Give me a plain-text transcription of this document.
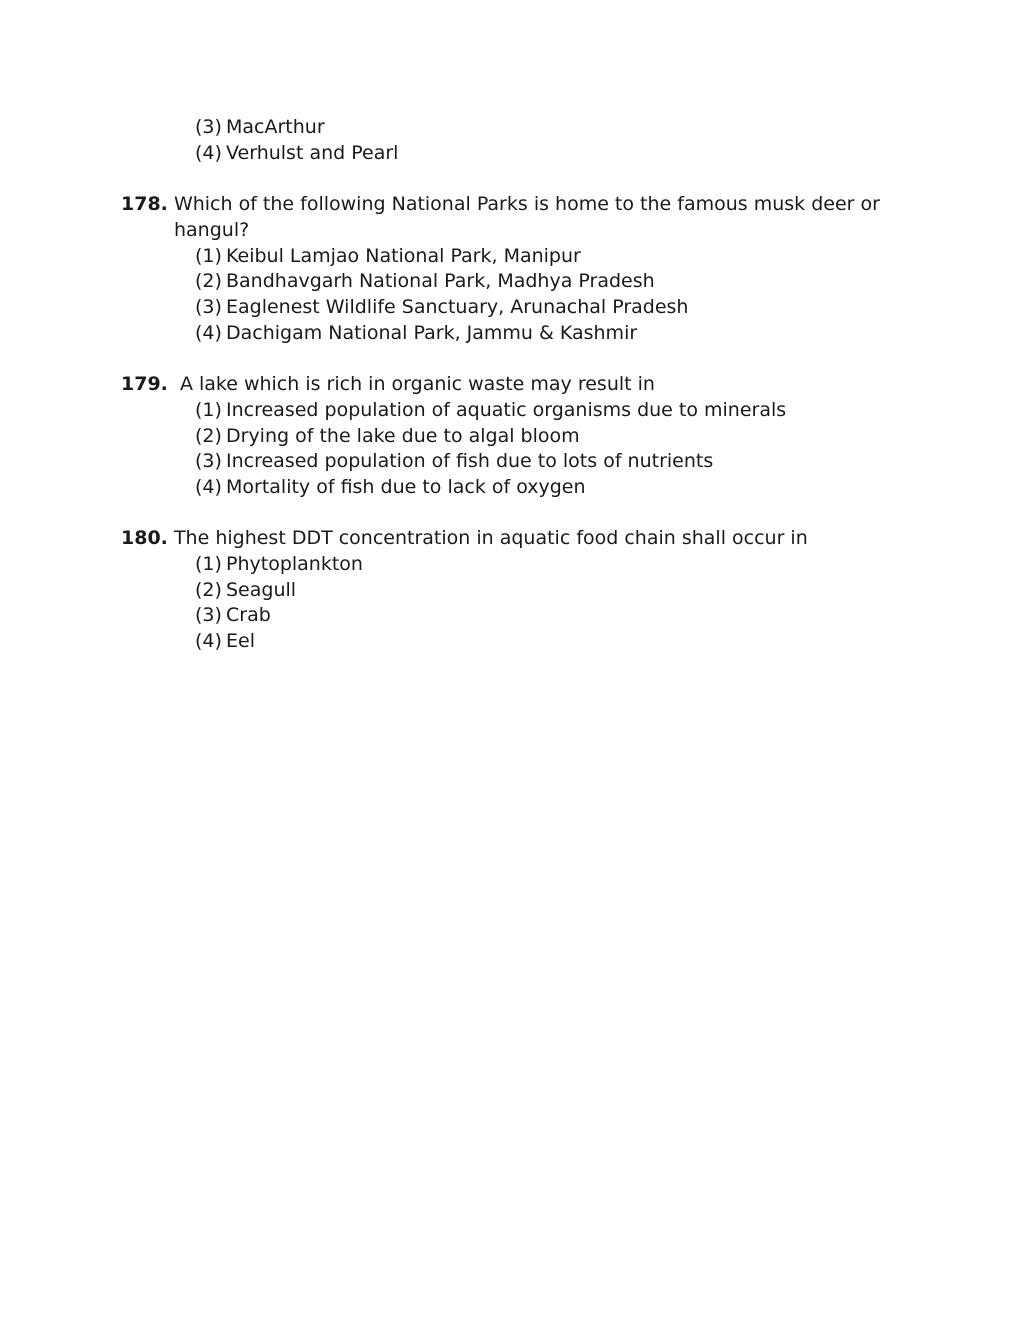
(3) MacArthur
(4) Verhulst and Pearl
178. Which of the following National Parks is home to the famous musk deer or
hangul?
(1) Keibul Lamjao National Park, Manipur
(2) Bandhavgarh National Park, Madhya Pradesh
(3) Eaglenest Wildlife Sanctuary, Arunachal Pradesh
(4) Dachigam National Park, Jammu & Kashmir
179. A lake which is rich in organic waste may result in
(1) Increased population of aquatic organisms due to minerals
(2) Drying of the lake due to algal bloom
(3) Increased population of fish due to lots of nutrients
(4) Mortality of fish due to lack of oxygen
180. The highest DDT concentration in aquatic food chain shall occur in
(1) Phytoplankton
(2) Seagull
(3) Crab
(4) Eel
